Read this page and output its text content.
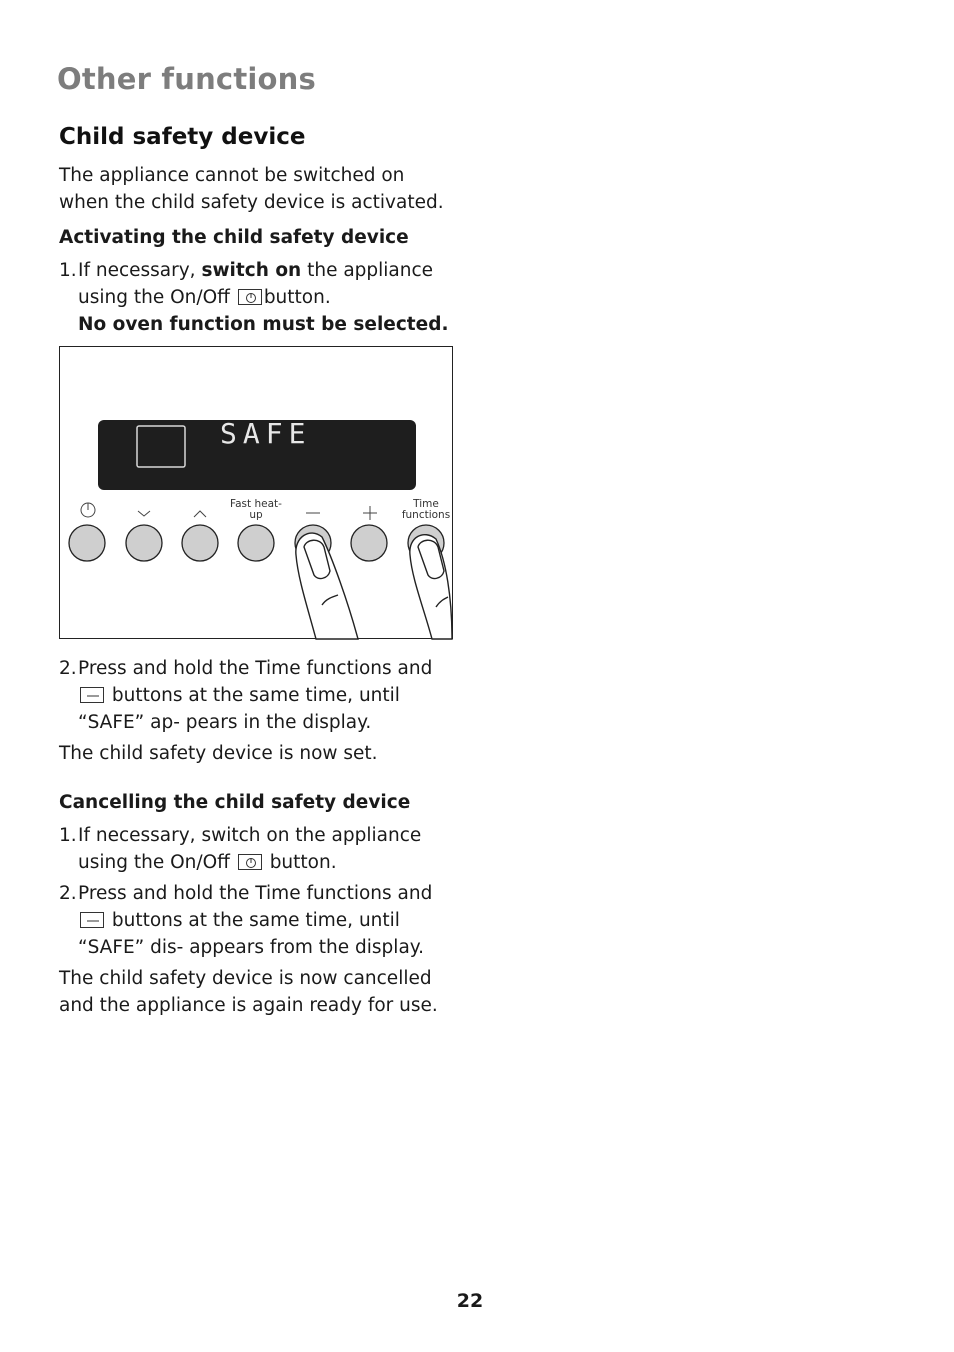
Other functions
Child safety device

The appliance cannot be switched on when the child safety device is activated.

Activating the child safety device
1. If necessary, switch on the appliance using the On/Off
button.
No oven function must be selected.
SAFE
Fast heat-up
Time functions
2. Press and hold the Time functions and
buttons at the same time, until “SAFE” ap- pears in the display.

The child safety device is now set.

Cancelling the child safety device
1. If necessary, switch on the appliance using the On/Off
button.
2. Press and hold the Time functions and
buttons at the same time, until “SAFE” dis- appears from the display.

The child safety device is now cancelled and the appliance is again ready for use.

22
